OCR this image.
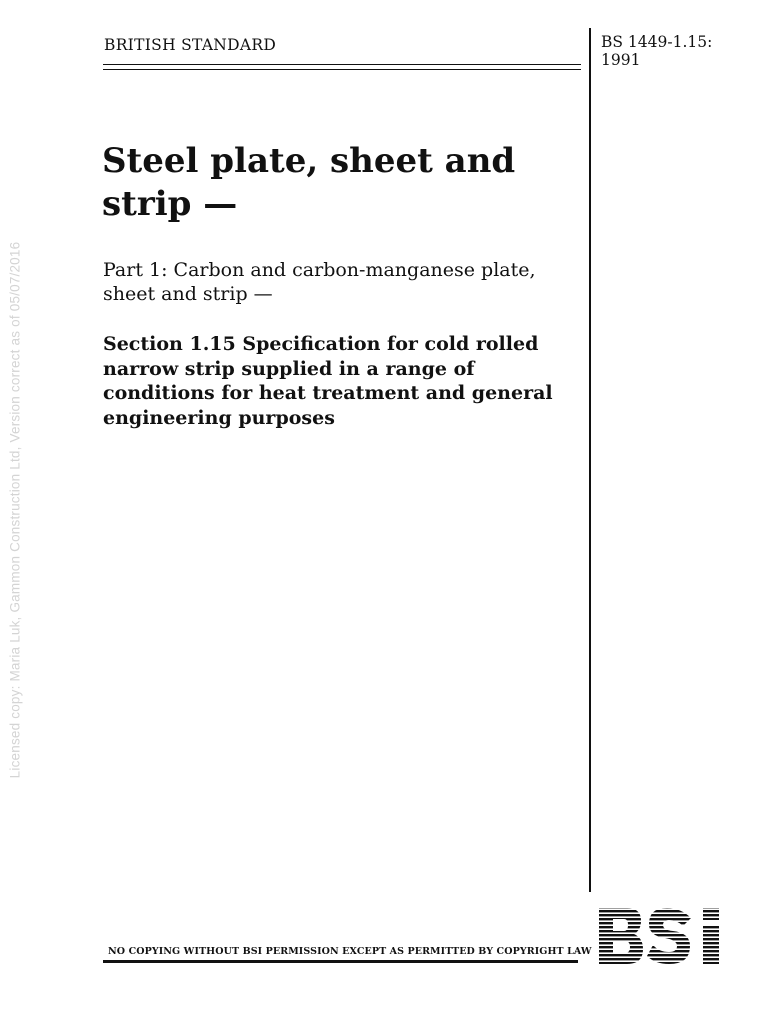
BRITISH STANDARD	BS 1449-1.15:
1991
Steel plate, sheet and strip —

Part 1: Carbon and carbon-manganese plate, sheet and strip —

Section 1.15 Specification for cold rolled narrow strip supplied in a range of conditions for heat treatment and general engineering purposes

Licensed copy: Maria Luk, Gammon Construction Ltd, Version correct as of 05/07/2016
NO COPYING WITHOUT BSI PERMISSION EXCEPT AS PERMITTED BY COPYRIGHT LAW
